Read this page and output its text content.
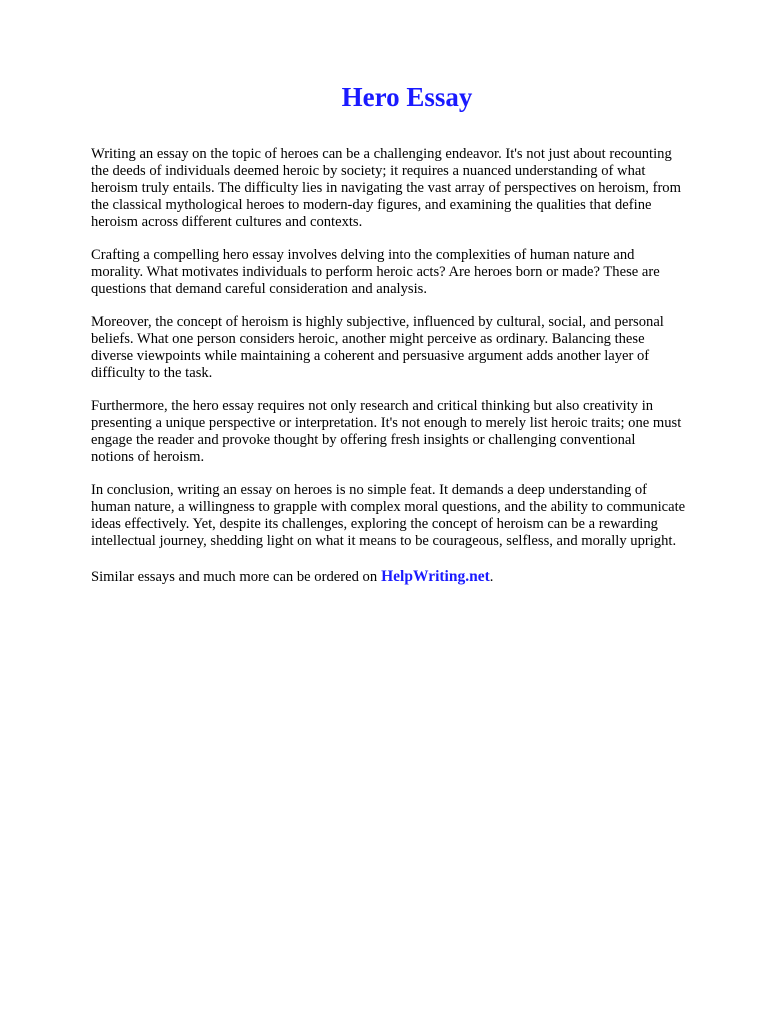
Hero Essay

Writing an essay on the topic of heroes can be a challenging endeavor. It's not just about recounting
the deeds of individuals deemed heroic by society; it requires a nuanced understanding of what
heroism truly entails. The difficulty lies in navigating the vast array of perspectives on heroism, from
the classical mythological heroes to modern-day figures, and examining the qualities that define
heroism across different cultures and contexts.

Crafting a compelling hero essay involves delving into the complexities of human nature and
morality. What motivates individuals to perform heroic acts? Are heroes born or made? These are
questions that demand careful consideration and analysis.

Moreover, the concept of heroism is highly subjective, influenced by cultural, social, and personal
beliefs. What one person considers heroic, another might perceive as ordinary. Balancing these
diverse viewpoints while maintaining a coherent and persuasive argument adds another layer of
difficulty to the task.

Furthermore, the hero essay requires not only research and critical thinking but also creativity in
presenting a unique perspective or interpretation. It's not enough to merely list heroic traits; one must
engage the reader and provoke thought by offering fresh insights or challenging conventional
notions of heroism.

In conclusion, writing an essay on heroes is no simple feat. It demands a deep understanding of
human nature, a willingness to grapple with complex moral questions, and the ability to communicate
ideas effectively. Yet, despite its challenges, exploring the concept of heroism can be a rewarding
intellectual journey, shedding light on what it means to be courageous, selfless, and morally upright.

Similar essays and much more can be ordered on HelpWriting.net.
